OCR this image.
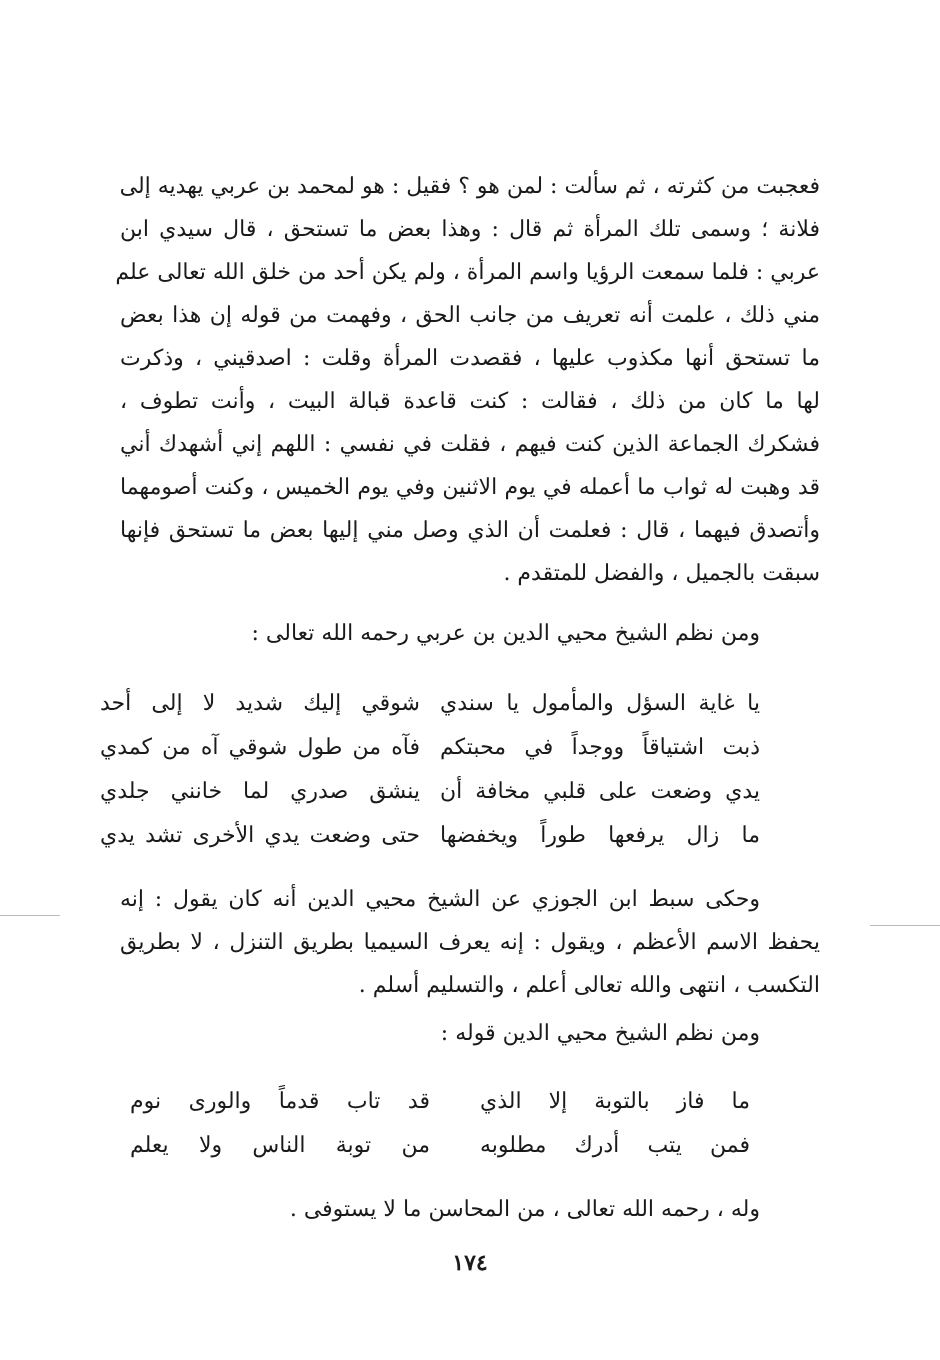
فعجبت من كثرته ، ثم سألت : لمن هو ؟ فقيل : هو لمحمد بن عربي يهديه إلى
فلانة ؛ وسمى تلك المرأة ثم قال : وهذا بعض ما تستحق ، قال سيدي ابن
عربي : فلما سمعت الرؤيا واسم المرأة ، ولم يكن أحد من خلق الله تعالى علم
مني ذلك ، علمت أنه تعريف من جانب الحق ، وفهمت من قوله إن هذا بعض
ما تستحق أنها مكذوب عليها ، فقصدت المرأة وقلت : اصدقيني ، وذكرت
لها ما كان من ذلك ، فقالت : كنت قاعدة قبالة البيت ، وأنت تطوف ،
فشكرك الجماعة الذين كنت فيهم ، فقلت في نفسي : اللهم إني أشهدك أني
قد وهبت له ثواب ما أعمله في يوم الاثنين وفي يوم الخميس ، وكنت أصومهما
وأتصدق فيهما ، قال : فعلمت أن الذي وصل مني إليها بعض ما تستحق فإنها
سبقت بالجميل ، والفضل للمتقدم .
ومن نظم الشيخ محيي الدين بن عربي رحمه الله تعالى :
يا غاية السؤل والمأمول يا سندي
شوقي إليك شديد لا إلى أحد
ذبت اشتياقاً ووجداً في محبتكم
فآه من طول شوقي آه من كمدي
يدي وضعت على قلبي مخافة أن
ينشق صدري لما خانني جلدي
ما زال يرفعها طوراً ويخفضها
حتى وضعت يدي الأخرى تشد يدي
وحكى سبط ابن الجوزي عن الشيخ محيي الدين أنه كان يقول : إنه
يحفظ الاسم الأعظم ، ويقول : إنه يعرف السيميا بطريق التنزل ، لا بطريق
التكسب ، انتهى والله تعالى أعلم ، والتسليم أسلم .
ومن نظم الشيخ محيي الدين قوله :
ما فاز بالتوبة إلا الذي
قد تاب قدماً والورى نوم
فمن يتب أدرك مطلوبه
من توبة الناس ولا يعلم
وله ، رحمه الله تعالى ، من المحاسن ما لا يستوفى .
١٧٤
